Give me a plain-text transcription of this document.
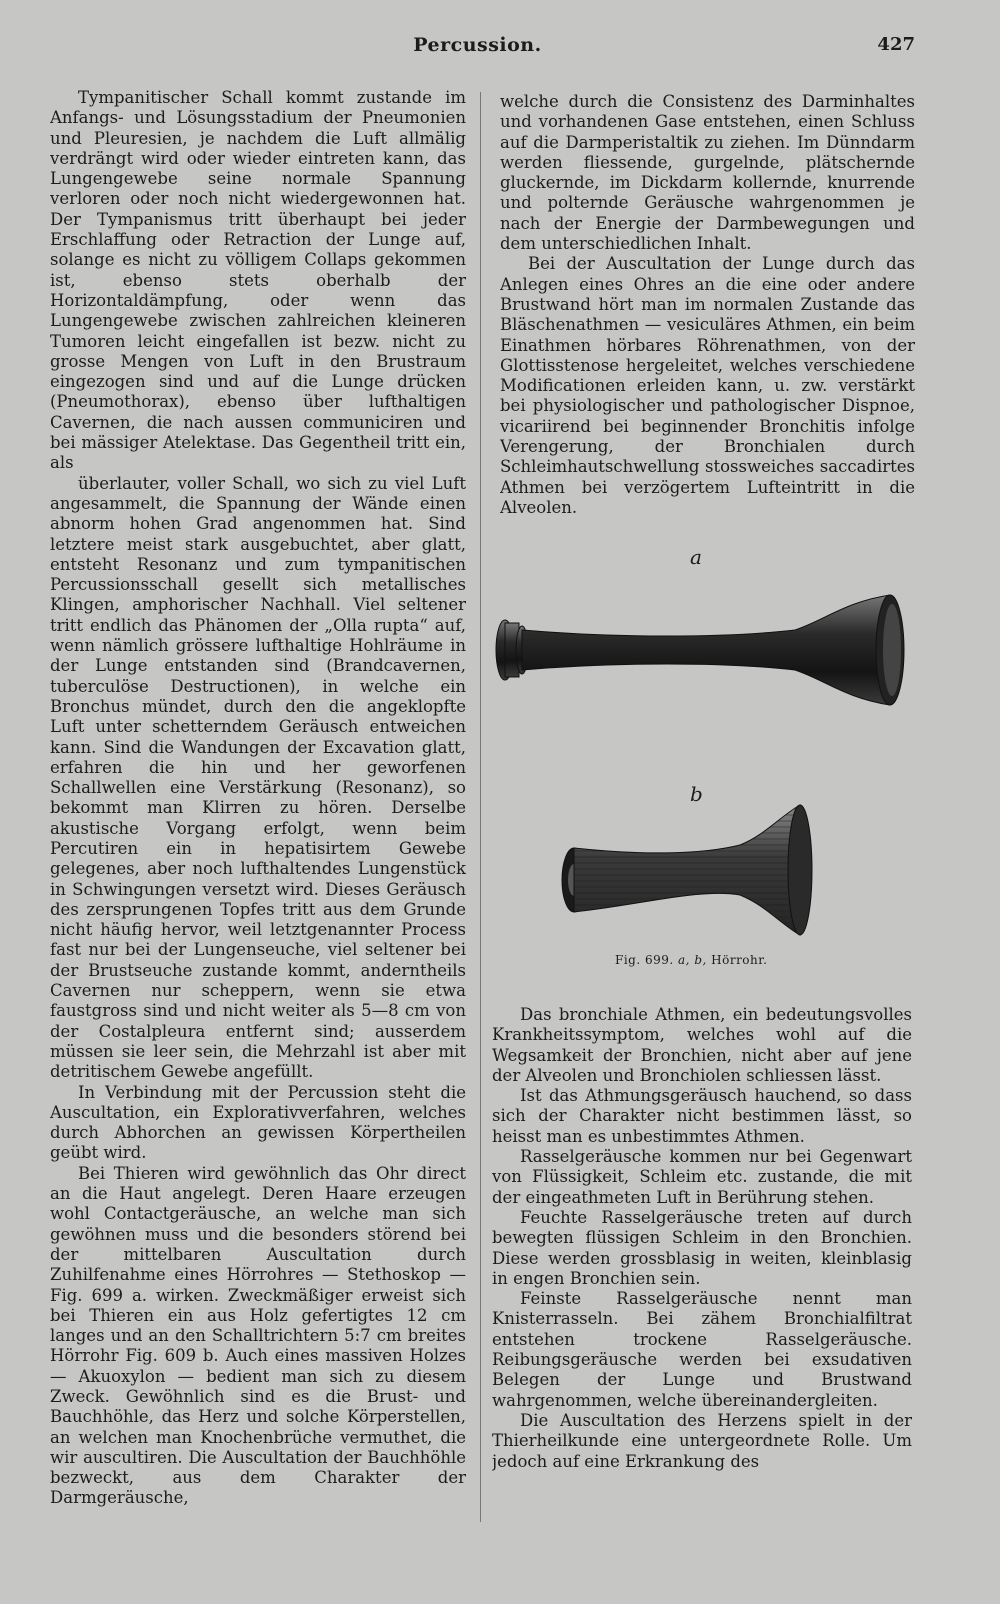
Percussion.	427

Tympanitischer Schall kommt zustande im Anfangs- und Lösungsstadium der Pneumonien und Pleuresien, je nachdem die Luft allmälig verdrängt wird oder wieder eintreten kann, das Lungengewebe seine normale Spannung verloren oder noch nicht wiedergewonnen hat. Der Tympanismus tritt überhaupt bei jeder Erschlaffung oder Retraction der Lunge auf, solange es nicht zu völligem Collaps gekommen ist, ebenso stets oberhalb der Horizontaldämpfung, oder wenn das Lungengewebe zwischen zahlreichen kleineren Tumoren leicht eingefallen ist bezw. nicht zu grosse Mengen von Luft in den Brustraum eingezogen sind und auf die Lunge drücken (Pneumothorax), ebenso über lufthaltigen Cavernen, die nach aussen communiciren und bei mässiger Atelektase. Das Gegentheil tritt ein, als

überlauter, voller Schall, wo sich zu viel Luft angesammelt, die Spannung der Wände einen abnorm hohen Grad angenommen hat. Sind letztere meist stark ausgebuchtet, aber glatt, entsteht Resonanz und zum tympanitischen Percussionsschall gesellt sich metallisches Klingen, amphorischer Nachhall. Viel seltener tritt endlich das Phänomen der „Olla rupta“ auf, wenn nämlich grössere lufthaltige Hohlräume in der Lunge entstanden sind (Brandcavernen, tuberculöse Destructionen), in welche ein Bronchus mündet, durch den die angeklopfte Luft unter schetterndem Geräusch entweichen kann. Sind die Wandungen der Excavation glatt, erfahren die hin und her geworfenen Schallwellen eine Verstärkung (Resonanz), so bekommt man Klirren zu hören. Derselbe akustische Vorgang erfolgt, wenn beim Percutiren ein in hepatisirtem Gewebe gelegenes, aber noch lufthaltendes Lungenstück in Schwingungen versetzt wird. Dieses Geräusch des zersprungenen Topfes tritt aus dem Grunde nicht häufig hervor, weil letztgenannter Process fast nur bei der Lungenseuche, viel seltener bei der Brustseuche zustande kommt, anderntheils Cavernen nur scheppern, wenn sie etwa faustgross sind und nicht weiter als 5—8 cm von der Costalpleura entfernt sind; ausserdem müssen sie leer sein, die Mehrzahl ist aber mit detritischem Gewebe angefüllt.

In Verbindung mit der Percussion steht die Auscultation, ein Explorativverfahren, welches durch Abhorchen an gewissen Körpertheilen geübt wird.

Bei Thieren wird gewöhnlich das Ohr direct an die Haut angelegt. Deren Haare erzeugen wohl Contactgeräusche, an welche man sich gewöhnen muss und die besonders störend bei der mittelbaren Auscultation durch Zuhilfenahme eines Hörrohres — Stethoskop — Fig. 699 a. wirken. Zweckmäßiger erweist sich bei Thieren ein aus Holz gefertigtes 12 cm langes und an den Schalltrichtern 5:7 cm breites Hörrohr Fig. 609 b. Auch eines massiven Holzes — Akuoxylon — bedient man sich zu diesem Zweck. Gewöhnlich sind es die Brust- und Bauchhöhle, das Herz und solche Körperstellen, an welchen man Knochenbrüche vermuthet, die wir auscultiren. Die Auscultation der Bauchhöhle bezweckt, aus dem Charakter der Darmgeräusche,

welche durch die Consistenz des Darminhaltes und vorhandenen Gase entstehen, einen Schluss auf die Darmperistaltik zu ziehen. Im Dünndarm werden fliessende, gurgelnde, plätschernde gluckernde, im Dickdarm kollernde, knurrende und polternde Geräusche wahrgenommen je nach der Energie der Darmbewegungen und dem unterschiedlichen Inhalt.

Bei der Auscultation der Lunge durch das Anlegen eines Ohres an die eine oder andere Brustwand hört man im normalen Zustande das Bläschenathmen — vesiculäres Athmen, ein beim Einathmen hörbares Röhrenathmen, von der Glottisstenose hergeleitet, welches verschiedene Modificationen erleiden kann, u. zw. verstärkt bei physiologischer und pathologischer Dispnoe, vicariirend bei beginnender Bronchitis infolge Verengerung, der Bronchialen durch Schleimhautschwellung stossweiches saccadirtes Athmen bei verzögertem Lufteintritt in die Alveolen.

a
b
Fig. 699. a, b, Hörrohr.

Das bronchiale Athmen, ein bedeutungsvolles Krankheitssymptom, welches wohl auf die Wegsamkeit der Bronchien, nicht aber auf jene der Alveolen und Bronchiolen schliessen lässt.

Ist das Athmungsgeräusch hauchend, so dass sich der Charakter nicht bestimmen lässt, so heisst man es unbestimmtes Athmen.

Rasselgeräusche kommen nur bei Gegenwart von Flüssigkeit, Schleim etc. zustande, die mit der eingeathmeten Luft in Berührung stehen.

Feuchte Rasselgeräusche treten auf durch bewegten flüssigen Schleim in den Bronchien. Diese werden grossblasig in weiten, kleinblasig in engen Bronchien sein.

Feinste Rasselgeräusche nennt man Knisterrasseln. Bei zähem Bronchialfiltrat entstehen trockene Rasselgeräusche. Reibungsgeräusche werden bei exsudativen Belegen der Lunge und Brustwand wahrgenommen, welche übereinandergleiten.

Die Auscultation des Herzens spielt in der Thierheilkunde eine untergeordnete Rolle. Um jedoch auf eine Erkrankung des
